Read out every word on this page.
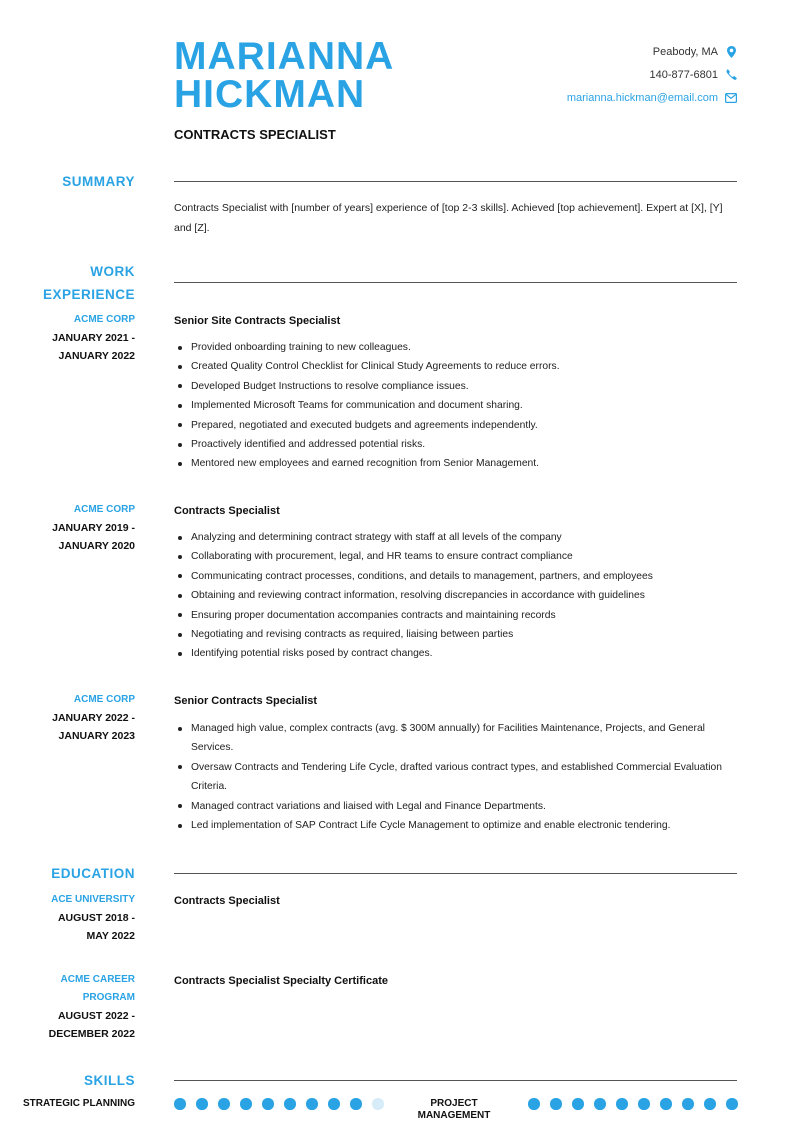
MARIANNA
HICKMAN
CONTRACTS SPECIALIST
Peabody, MA
140-877-6801
marianna.hickman@email.com
SUMMARY
Contracts Specialist with [number of years] experience of [top 2-3 skills]. Achieved [top achievement]. Expert at [X], [Y] and [Z].
WORK
EXPERIENCE
ACME CORP
JANUARY 2021 -
JANUARY 2022
Senior Site Contracts Specialist
Provided onboarding training to new colleagues.
Created Quality Control Checklist for Clinical Study Agreements to reduce errors.
Developed Budget Instructions to resolve compliance issues.
Implemented Microsoft Teams for communication and document sharing.
Prepared, negotiated and executed budgets and agreements independently.
Proactively identified and addressed potential risks.
Mentored new employees and earned recognition from Senior Management.
ACME CORP
JANUARY 2019 -
JANUARY 2020
Contracts Specialist
Analyzing and determining contract strategy with staff at all levels of the company
Collaborating with procurement, legal, and HR teams to ensure contract compliance
Communicating contract processes, conditions, and details to management, partners, and employees
Obtaining and reviewing contract information, resolving discrepancies in accordance with guidelines
Ensuring proper documentation accompanies contracts and maintaining records
Negotiating and revising contracts as required, liaising between parties
Identifying potential risks posed by contract changes.
ACME CORP
JANUARY 2022 -
JANUARY 2023
Senior Contracts Specialist
Managed high value, complex contracts (avg. $ 300M annually) for Facilities Maintenance, Projects, and General Services.
Oversaw Contracts and Tendering Life Cycle, drafted various contract types, and established Commercial Evaluation Criteria.
Managed contract variations and liaised with Legal and Finance Departments.
Led implementation of SAP Contract Life Cycle Management to optimize and enable electronic tendering.
EDUCATION
ACE UNIVERSITY
AUGUST 2018 -
MAY 2022
Contracts Specialist
ACME CAREER
PROGRAM
AUGUST 2022 -
DECEMBER 2022
Contracts Specialist Specialty Certificate
SKILLS
STRATEGIC PLANNING	PROJECT
MANAGEMENT
